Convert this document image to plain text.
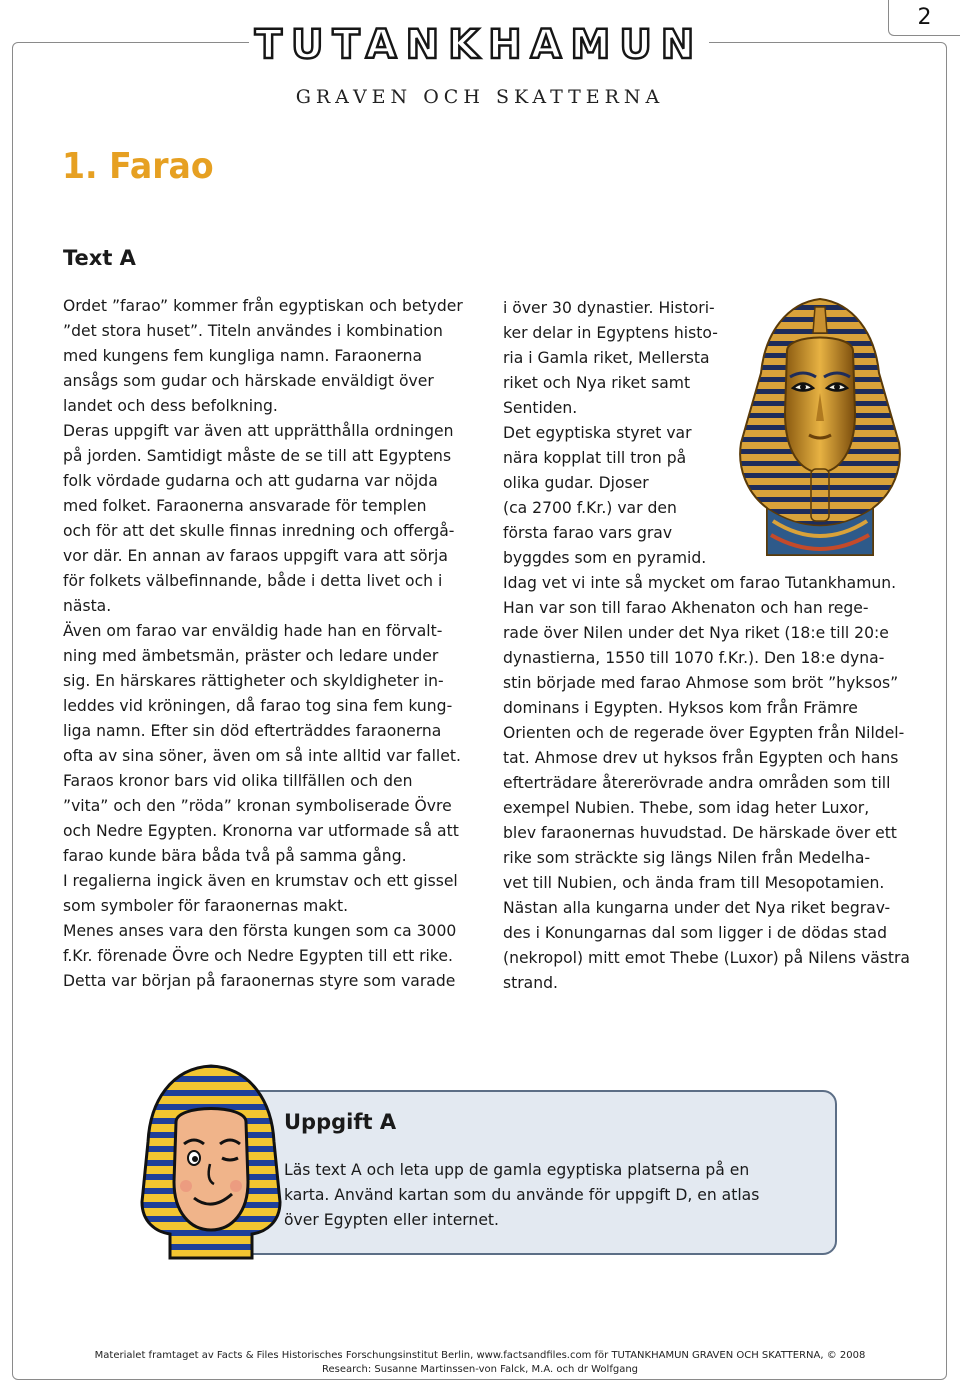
2
TUTANKHAMUN
GRAVEN OCH SKATTERNA
1. Farao
Text A
Ordet ”farao” kommer från egyptiskan och betyder
”det stora huset”. Titeln användes i kombination
med kungens fem kungliga namn. Faraonerna
ansågs som gudar och härskade enväldigt över
landet och dess befolkning.
Deras uppgift var även att upprätthålla ordningen
på jorden. Samtidigt måste de se till att Egyptens
folk vördade gudarna och att gudarna var nöjda
med folket. Faraonerna ansvarade för templen
och för att det skulle finnas inredning och offergå-
vor där. En annan av faraos uppgift vara att sörja
för folkets välbefinnande, både i detta livet och i
nästa.
Även om farao var enväldig hade han en förvalt-
ning med ämbetsmän, präster och ledare under
sig. En härskares rättigheter och skyldigheter in-
leddes vid kröningen, då farao tog sina fem kung-
liga namn. Efter sin död efterträddes faraonerna
ofta av sina söner, även om så inte alltid var fallet.
Faraos kronor bars vid olika tillfällen och den
”vita” och den ”röda” kronan symboliserade Övre
och Nedre Egypten. Kronorna var utformade så att
farao kunde bära båda två på samma gång.
I regalierna ingick även en krumstav och ett gissel
som symboler för faraonernas makt.
Menes anses vara den första kungen som ca 3000
f.Kr. förenade Övre och Nedre Egypten till ett rike.
Detta var början på faraonernas styre som varade
i över 30 dynastier. Histori-
ker delar in Egyptens histo-
ria i Gamla riket, Mellersta
riket och Nya riket samt
Sentiden.
Det egyptiska styret var
nära kopplat till tron på
olika gudar. Djoser
(ca 2700 f.Kr.) var den
första farao vars grav
byggdes som en pyramid.
Idag vet vi inte så mycket om farao Tutankhamun.
Han var son till farao Akhenaton och han rege-
rade över Nilen under det Nya riket (18:e till 20:e
dynastierna, 1550 till 1070 f.Kr.). Den 18:e dyna-
stin började med farao Ahmose som bröt ”hyksos”
dominans i Egypten. Hyksos kom från Främre
Orienten och de regerade över Egypten från Nildel-
tat. Ahmose drev ut hyksos från Egypten och hans
efterträdare återerövrade andra områden som till
exempel Nubien. Thebe, som idag heter Luxor,
blev faraonernas huvudstad. De härskade över ett
rike som sträckte sig längs Nilen från Medelha-
vet till Nubien, och ända fram till Mesopotamien.
Nästan alla kungarna under det Nya riket begrav-
des i Konungarnas dal som ligger i de dödas stad
(nekropol) mitt emot Thebe (Luxor) på Nilens västra
strand.
Uppgift A
Läs text A och leta upp de gamla egyptiska platserna på en
karta. Använd kartan som du använde för uppgift D, en atlas
över Egypten eller internet.
Materialet framtaget av Facts & Files Historisches Forschungsinstitut Berlin, www.factsandfiles.com för TUTANKHAMUN GRAVEN OCH SKATTERNA, © 2008
Research: Susanne Martinssen-von Falck, M.A. och dr Wolfgang
